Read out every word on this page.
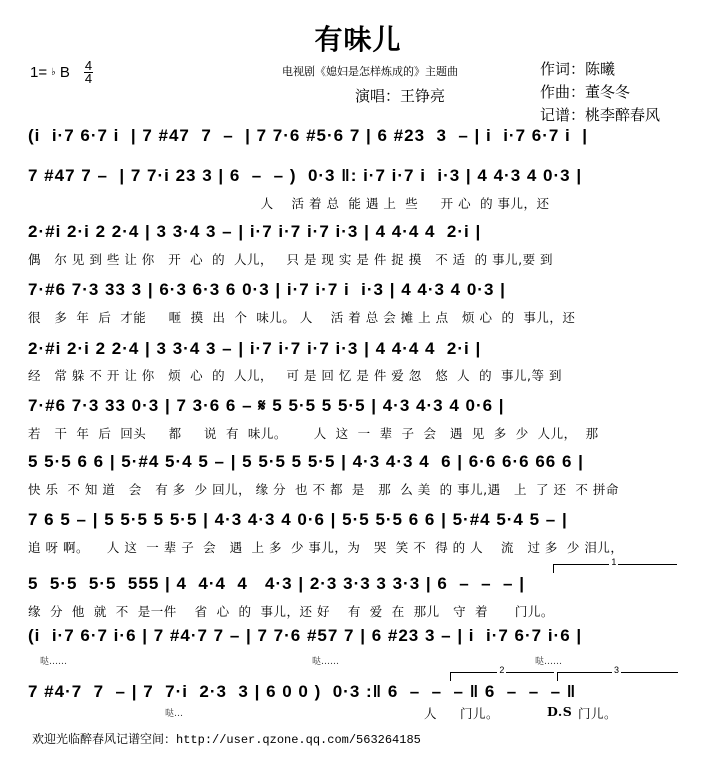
有味儿
1= ♭ B $\frac{4}{4}$	电视剧《媳妇是怎样炼成的》主题曲
演唱：王铮亮
作词：陈曦
作曲：董冬冬
记谱：桃李醉春风
(i  i·7 6·7 i  | 7 #47  7  –  | 7 7·6 #5·6 7 | 6 #23  3  – | i  i·7 6·7 i  |
7 #47 7 –  | 7 7·i 23 3 | 6  –  – )  0·3 ‖: i·7 i·7 i  i·3 | 4 4·3 4 0·3 |
人    活 着 总  能 遇 上  些     开 心  的 事儿，还
2·#i 2·i 2 2·4 | 3 3·4 3 – | i·7 i·7 i·7 i·3 | 4 4·4 4  2·i |
偶   尔 见 到 些 让 你   开  心  的  人儿，   只 是 现 实 是 件 捉 摸   不 适  的 事儿,要 到
7·#6 7·3 33 3 | 6·3 6·3 6 0·3 | i·7 i·7 i  i·3 | 4 4·3 4 0·3 |
很   多  年  后  才能     咂  摸  出  个  味儿。 人    活 着 总 会 摊 上 点   烦 心  的  事儿，还
2·#i 2·i 2 2·4 | 3 3·4 3 – | i·7 i·7 i·7 i·3 | 4 4·4 4  2·i |
经   常 躲 不 开 让 你   烦  心  的  人儿，   可 是 回 忆 是 件 爱 忽   悠  人  的  事儿,等 到
7·#6 7·3 33 0·3 | 7 3·6 6 – 𝄋 5 5·5 5 5·5 | 4·3 4·3 4 0·6 |
若   干  年  后  回头     都     说  有  味儿。      人  这  一  辈  子  会   遇  见  多  少  人儿，  那
5 5·5 6 6 | 5·#4 5·4 5 – | 5 5·5 5 5·5 | 4·3 4·3 4  6 | 6·6 6·6 66 6 |
快 乐  不 知 道   会   有 多  少 回儿， 缘 分  也 不 都  是   那  么 美  的 事儿,遇   上  了 还  不 拼命
7 6 5 – | 5 5·5 5 5·5 | 4·3 4·3 4 0·6 | 5·5 5·5 6 6 | 5·#4 5·4 5 – |
追 呀 啊。    人 这  一 辈 子  会   遇  上 多  少 事儿，为   哭  笑 不  得 的 人    流   过 多  少 泪儿，
1
5  5·5  5·5  555 | 4  4·4  4   4·3 | 2·3 3·3 3 3·3 | 6  –  –  – |
缘  分  他  就  不  是一件    省  心  的  事儿，还 好    有  爱  在  那儿   守  着      门儿。
(i  i·7 6·7 i·6 | 7 #4·7 7 – | 7 7·6 #57 7 | 6 #23 3 – | i  i·7 6·7 i·6 |
哒……	哒……	哒……
2	3
7 #4·7  7  – | 7  7·i  2·3  3 | 6 0 0 )  0·3 :‖ 6  –  –  – ‖ 6  –  –  – ‖
哒…	人 门儿。	D.S 门儿。
欢迎光临醉春风记谱空间：http://user.qzone.qq.com/563264185
